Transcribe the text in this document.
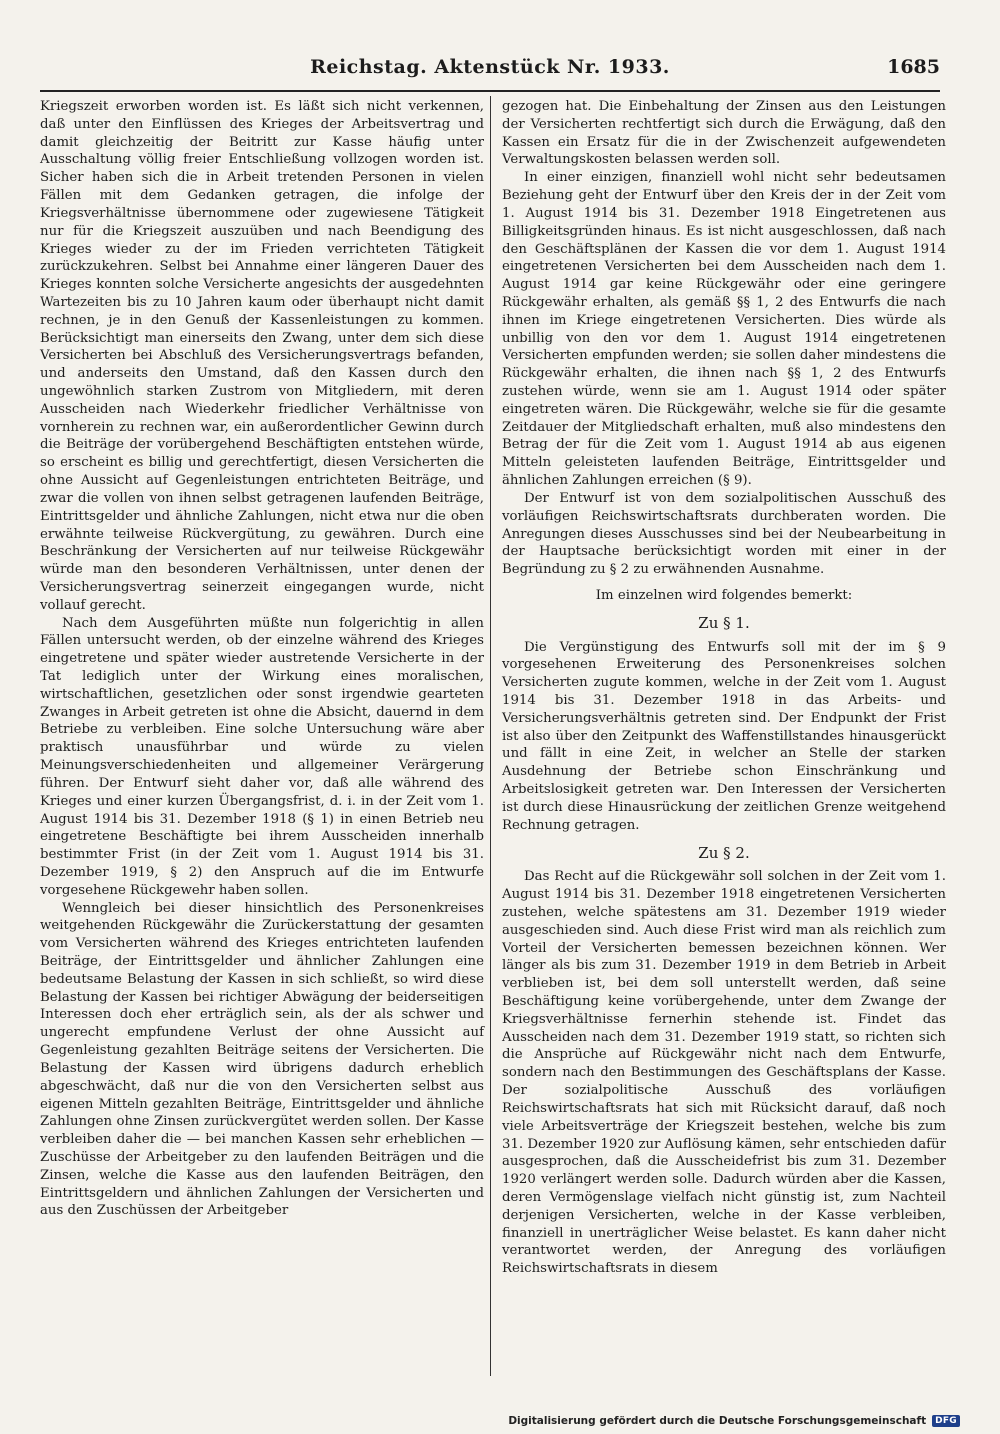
Reichstag. Aktenstück Nr. 1933.	1685

Kriegszeit erworben worden ist. Es läßt sich nicht verkennen, daß unter den Einflüssen des Krieges der Arbeitsvertrag und damit gleichzeitig der Beitritt zur Kasse häufig unter Ausschaltung völlig freier Entschließung vollzogen worden ist. Sicher haben sich die in Arbeit tretenden Personen in vielen Fällen mit dem Gedanken getragen, die infolge der Kriegsverhältnisse übernommene oder zugewiesene Tätigkeit nur für die Kriegszeit auszuüben und nach Beendigung des Krieges wieder zu der im Frieden verrichteten Tätigkeit zurückzukehren. Selbst bei Annahme einer längeren Dauer des Krieges konnten solche Versicherte angesichts der ausgedehnten Wartezeiten bis zu 10 Jahren kaum oder überhaupt nicht damit rechnen, je in den Genuß der Kassenleistungen zu kommen. Berücksichtigt man einerseits den Zwang, unter dem sich diese Versicherten bei Abschluß des Versicherungsvertrags befanden, und anderseits den Umstand, daß den Kassen durch den ungewöhnlich starken Zustrom von Mitgliedern, mit deren Ausscheiden nach Wiederkehr friedlicher Verhältnisse von vornherein zu rechnen war, ein außerordentlicher Gewinn durch die Beiträge der vorübergehend Beschäftigten entstehen würde, so erscheint es billig und gerechtfertigt, diesen Versicherten die ohne Aussicht auf Gegenleistungen entrichteten Beiträge, und zwar die vollen von ihnen selbst getragenen laufenden Beiträge, Eintrittsgelder und ähnliche Zahlungen, nicht etwa nur die oben erwähnte teilweise Rückvergütung, zu gewähren. Durch eine Beschränkung der Versicherten auf nur teilweise Rückgewähr würde man den besonderen Verhältnissen, unter denen der Versicherungsvertrag seinerzeit eingegangen wurde, nicht vollauf gerecht.

Nach dem Ausgeführten müßte nun folgerichtig in allen Fällen untersucht werden, ob der einzelne während des Krieges eingetretene und später wieder austretende Versicherte in der Tat lediglich unter der Wirkung eines moralischen, wirtschaftlichen, gesetzlichen oder sonst irgendwie gearteten Zwanges in Arbeit getreten ist ohne die Absicht, dauernd in dem Betriebe zu verbleiben. Eine solche Untersuchung wäre aber praktisch unausführbar und würde zu vielen Meinungsverschiedenheiten und allgemeiner Verärgerung führen. Der Entwurf sieht daher vor, daß alle während des Krieges und einer kurzen Übergangsfrist, d. i. in der Zeit vom 1. August 1914 bis 31. Dezember 1918 (§ 1) in einen Betrieb neu eingetretene Beschäftigte bei ihrem Ausscheiden innerhalb bestimmter Frist (in der Zeit vom 1. August 1914 bis 31. Dezember 1919, § 2) den Anspruch auf die im Entwurfe vorgesehene Rückgewehr haben sollen.

Wenngleich bei dieser hinsichtlich des Personenkreises weitgehenden Rückgewähr die Zurückerstattung der gesamten vom Versicherten während des Krieges entrichteten laufenden Beiträge, der Eintrittsgelder und ähnlicher Zahlungen eine bedeutsame Belastung der Kassen in sich schließt, so wird diese Belastung der Kassen bei richtiger Abwägung der beiderseitigen Interessen doch eher erträglich sein, als der als schwer und ungerecht empfundene Verlust der ohne Aussicht auf Gegenleistung gezahlten Beiträge seitens der Versicherten. Die Belastung der Kassen wird übrigens dadurch erheblich abgeschwächt, daß nur die von den Versicherten selbst aus eigenen Mitteln gezahlten Beiträge, Eintrittsgelder und ähnliche Zahlungen ohne Zinsen zurückvergütet werden sollen. Der Kasse verbleiben daher die — bei manchen Kassen sehr erheblichen — Zuschüsse der Arbeitgeber zu den laufenden Beiträgen und die Zinsen, welche die Kasse aus den laufenden Beiträgen, den Eintrittsgeldern und ähnlichen Zahlungen der Versicherten und aus den Zuschüssen der Arbeitgeber

gezogen hat. Die Einbehaltung der Zinsen aus den Leistungen der Versicherten rechtfertigt sich durch die Erwägung, daß den Kassen ein Ersatz für die in der Zwischenzeit aufgewendeten Verwaltungskosten belassen werden soll.

In einer einzigen, finanziell wohl nicht sehr bedeutsamen Beziehung geht der Entwurf über den Kreis der in der Zeit vom 1. August 1914 bis 31. Dezember 1918 Eingetretenen aus Billigkeitsgründen hinaus. Es ist nicht ausgeschlossen, daß nach den Geschäftsplänen der Kassen die vor dem 1. August 1914 eingetretenen Versicherten bei dem Ausscheiden nach dem 1. August 1914 gar keine Rückgewähr oder eine geringere Rückgewähr erhalten, als gemäß §§ 1, 2 des Entwurfs die nach ihnen im Kriege eingetretenen Versicherten. Dies würde als unbillig von den vor dem 1. August 1914 eingetretenen Versicherten empfunden werden; sie sollen daher mindestens die Rückgewähr erhalten, die ihnen nach §§ 1, 2 des Entwurfs zustehen würde, wenn sie am 1. August 1914 oder später eingetreten wären. Die Rückgewähr, welche sie für die gesamte Zeitdauer der Mitgliedschaft erhalten, muß also mindestens den Betrag der für die Zeit vom 1. August 1914 ab aus eigenen Mitteln geleisteten laufenden Beiträge, Eintrittsgelder und ähnlichen Zahlungen erreichen (§ 9).

Der Entwurf ist von dem sozialpolitischen Ausschuß des vorläufigen Reichswirtschaftsrats durchberaten worden. Die Anregungen dieses Ausschusses sind bei der Neubearbeitung in der Hauptsache berücksichtigt worden mit einer in der Begründung zu § 2 zu erwähnenden Ausnahme.

Im einzelnen wird folgendes bemerkt:

Zu § 1.

Die Vergünstigung des Entwurfs soll mit der im § 9 vorgesehenen Erweiterung des Personenkreises solchen Versicherten zugute kommen, welche in der Zeit vom 1. August 1914 bis 31. Dezember 1918 in das Arbeits- und Versicherungsverhältnis getreten sind. Der Endpunkt der Frist ist also über den Zeitpunkt des Waffenstillstandes hinausgerückt und fällt in eine Zeit, in welcher an Stelle der starken Ausdehnung der Betriebe schon Einschränkung und Arbeitslosigkeit getreten war. Den Interessen der Versicherten ist durch diese Hinausrückung der zeitlichen Grenze weitgehend Rechnung getragen.

Zu § 2.

Das Recht auf die Rückgewähr soll solchen in der Zeit vom 1. August 1914 bis 31. Dezember 1918 eingetretenen Versicherten zustehen, welche spätestens am 31. Dezember 1919 wieder ausgeschieden sind. Auch diese Frist wird man als reichlich zum Vorteil der Versicherten bemessen bezeichnen können. Wer länger als bis zum 31. Dezember 1919 in dem Betrieb in Arbeit verblieben ist, bei dem soll unterstellt werden, daß seine Beschäftigung keine vorübergehende, unter dem Zwange der Kriegsverhältnisse fernerhin stehende ist. Findet das Ausscheiden nach dem 31. Dezember 1919 statt, so richten sich die Ansprüche auf Rückgewähr nicht nach dem Entwurfe, sondern nach den Bestimmungen des Geschäftsplans der Kasse. Der sozialpolitische Ausschuß des vorläufigen Reichswirtschaftsrats hat sich mit Rücksicht darauf, daß noch viele Arbeitsverträge der Kriegszeit bestehen, welche bis zum 31. Dezember 1920 zur Auflösung kämen, sehr entschieden dafür ausgesprochen, daß die Ausscheidefrist bis zum 31. Dezember 1920 verlängert werden solle. Dadurch würden aber die Kassen, deren Vermögenslage vielfach nicht günstig ist, zum Nachteil derjenigen Versicherten, welche in der Kasse verbleiben, finanziell in unerträglicher Weise belastet. Es kann daher nicht verantwortet werden, der Anregung des vorläufigen Reichswirtschaftsrats in diesem

Digitalisierung gefördert durch die Deutsche Forschungsgemeinschaft	DFG
